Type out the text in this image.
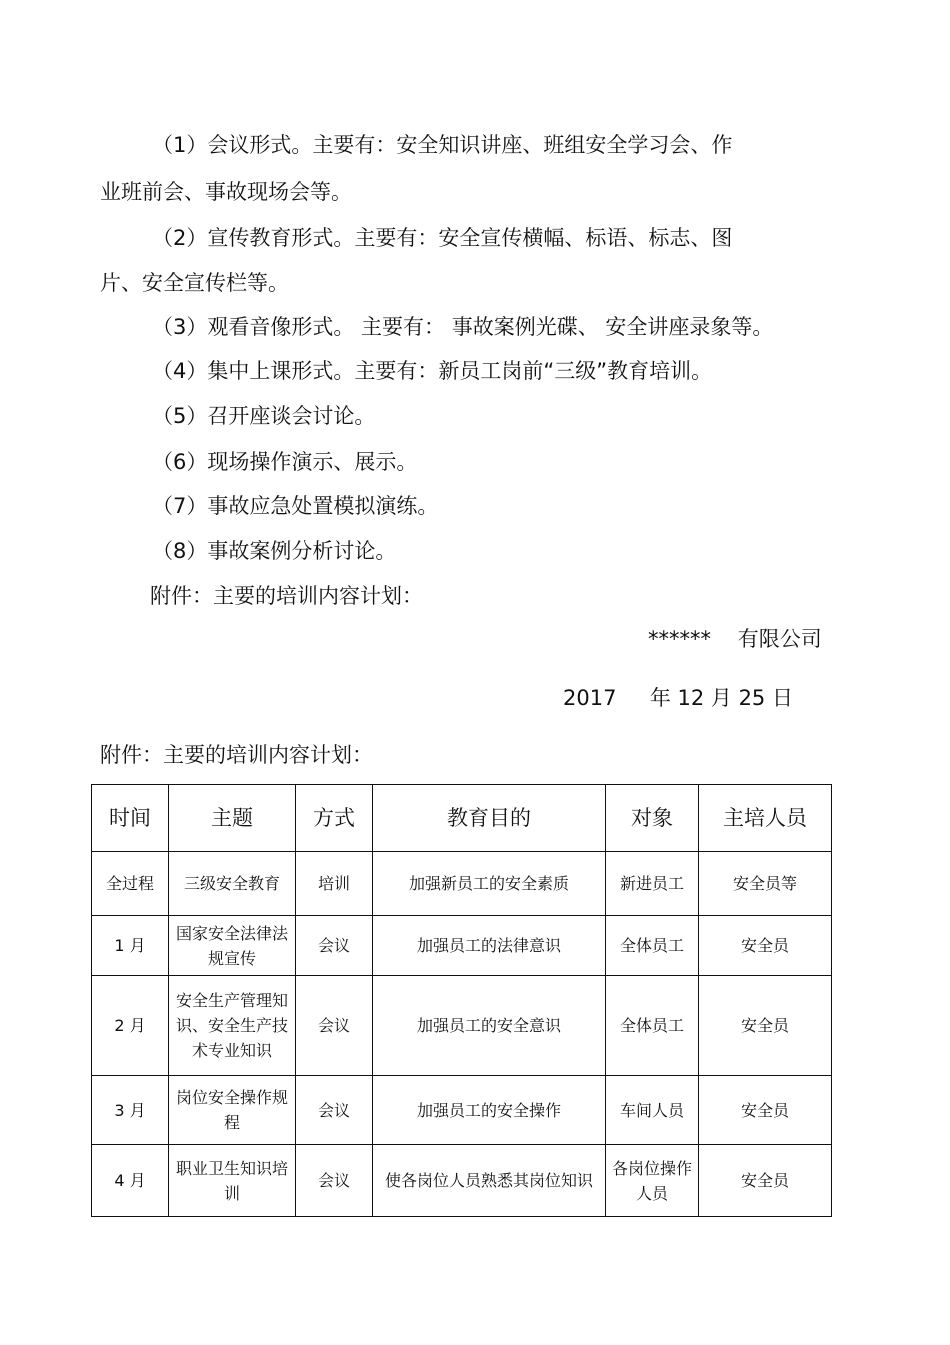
（1）会议形式。主要有：安全知识讲座、班组安全学习会、作
业班前会、事故现场会等。
（2）宣传教育形式。主要有：安全宣传横幅、标语、标志、图
片、安全宣传栏等。
（3）观看音像形式。 主要有： 事故案例光碟、 安全讲座录象等。
（4）集中上课形式。主要有：新员工岗前“三级”教育培训。
（5）召开座谈会讨论。
（6）现场操作演示、展示。
（7）事故应急处置模拟演练。
（8）事故案例分析讨论。
附件：主要的培训内容计划：
******    有限公司
2017     年 12 月 25 日
附件：主要的培训内容计划：
时间	主题	方式	教育目的	对象	主培人员
全过程	三级安全教育	培训	加强新员工的安全素质	新进员工	安全员等
1 月	国家安全法律法规宣传	会议	加强员工的法律意识	全体员工	安全员
2 月	安全生产管理知识、安全生产技术专业知识	会议	加强员工的安全意识	全体员工	安全员
3 月	岗位安全操作规程	会议	加强员工的安全操作	车间人员	安全员
4 月	职业卫生知识培训	会议	使各岗位人员熟悉其岗位知识	各岗位操作人员	安全员
